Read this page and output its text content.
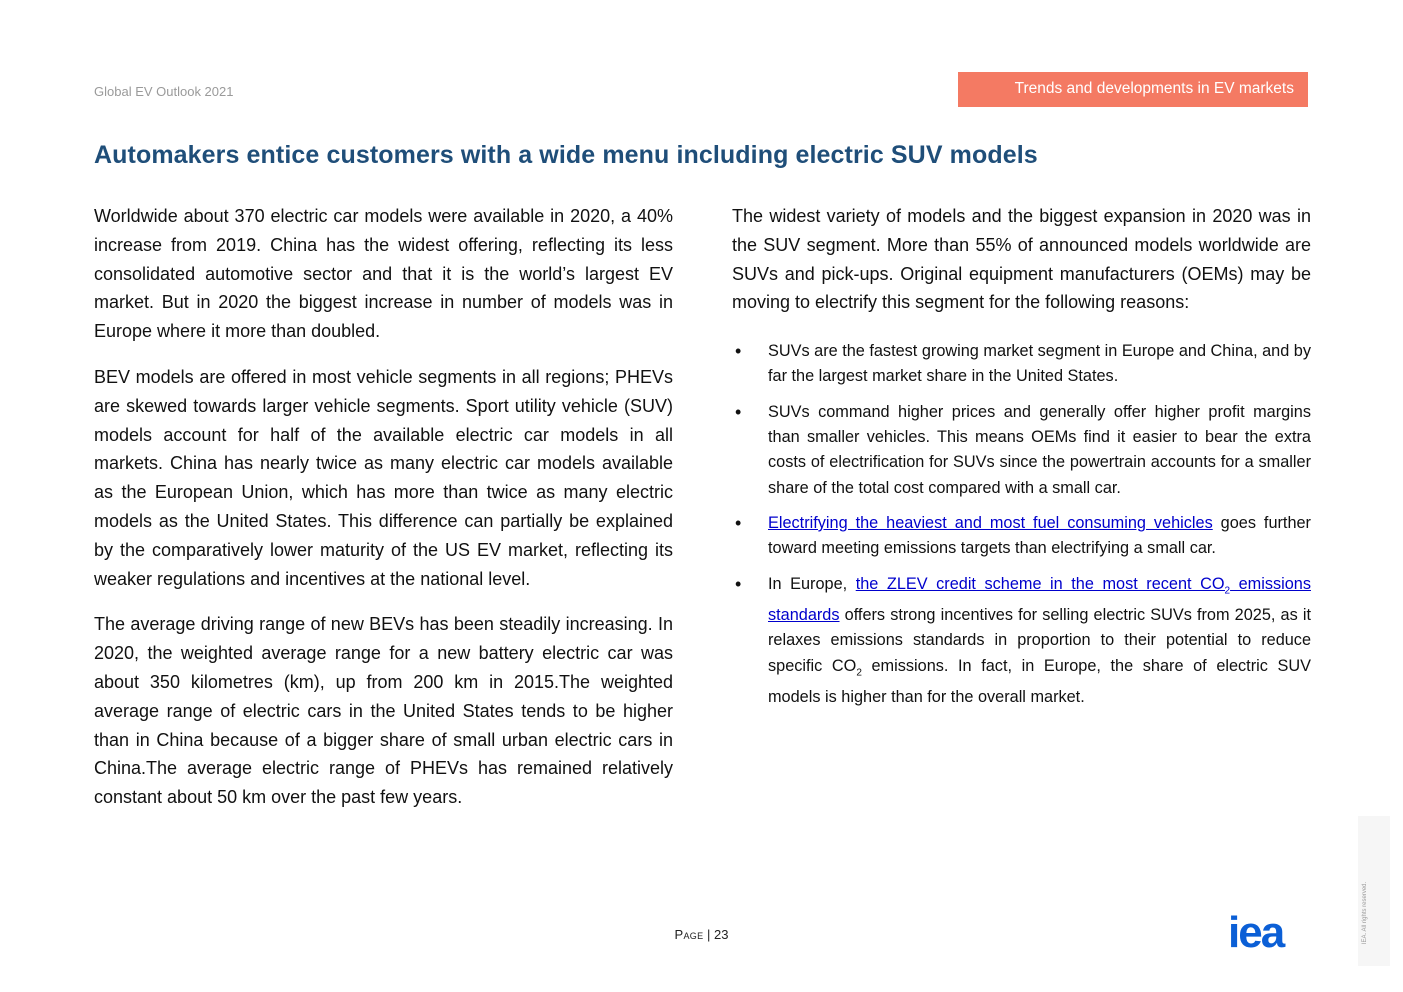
Global EV Outlook 2021	Trends and developments in EV markets
Automakers entice customers with a wide menu including electric SUV models

Worldwide about 370 electric car models were available in 2020, a 40% increase from 2019. China has the widest offering, reflecting its less consolidated automotive sector and that it is the world’s largest EV market. But in 2020 the biggest increase in number of models was in Europe where it more than doubled.

BEV models are offered in most vehicle segments in all regions; PHEVs are skewed towards larger vehicle segments. Sport utility vehicle (SUV) models account for half of the available electric car models in all markets. China has nearly twice as many electric car models available as the European Union, which has more than twice as many electric models as the United States. This difference can partially be explained by the comparatively lower maturity of the US EV market, reflecting its weaker regulations and incentives at the national level.

The average driving range of new BEVs has been steadily increasing. In 2020, the weighted average range for a new battery electric car was about 350 kilometres (km), up from 200 km in 2015.The weighted average range of electric cars in the United States tends to be higher than in China because of a bigger share of small urban electric cars in China.The average electric range of PHEVs has remained relatively constant about 50 km over the past few years.

The widest variety of models and the biggest expansion in 2020 was in the SUV segment. More than 55% of announced models worldwide are SUVs and pick-ups. Original equipment manufacturers (OEMs) may be moving to electrify this segment for the following reasons:

• SUVs are the fastest growing market segment in Europe and China, and by far the largest market share in the United States.
• SUVs command higher prices and generally offer higher profit margins than smaller vehicles. This means OEMs find it easier to bear the extra costs of electrification for SUVs since the powertrain accounts for a smaller share of the total cost compared with a small car.
• Electrifying the heaviest and most fuel consuming vehicles goes further toward meeting emissions targets than electrifying a small car.
• In Europe, the ZLEV credit scheme in the most recent $CO_2$ emissions standards offers strong incentives for selling electric SUVs from 2025, as it relaxes emissions standards in proportion to their potential to reduce specific $CO_2$ emissions. In fact, in Europe, the share of electric SUV models is higher than for the overall market.
Page | 23	IEA. All rights reserved.
iea
